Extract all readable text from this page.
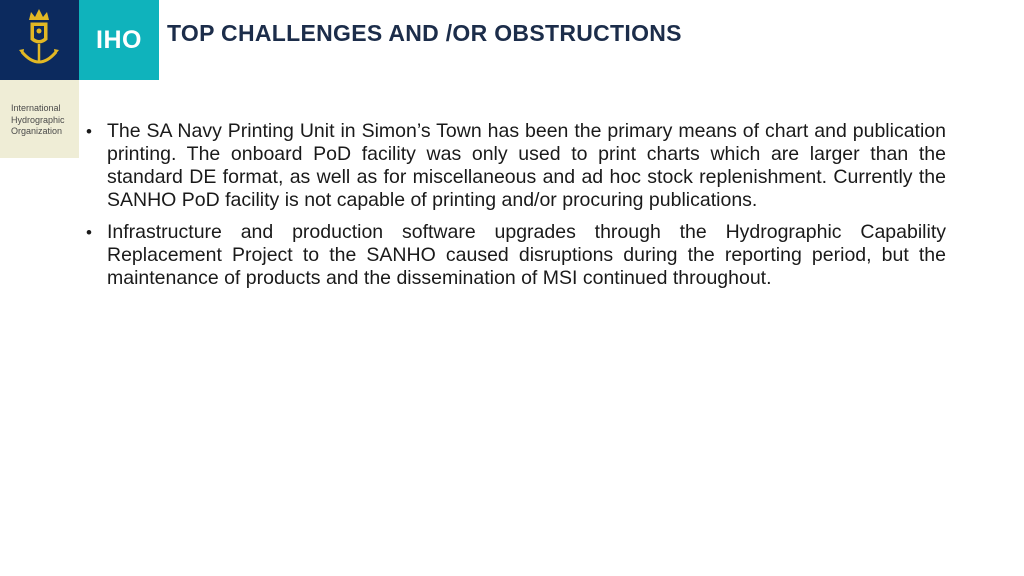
IHO
International
Hydrographic
Organization
TOP CHALLENGES AND /OR OBSTRUCTIONS
• The SA Navy Printing Unit in Simon’s Town has been the primary means of chart and publication printing. The onboard PoD facility was only used to print charts which are larger than the standard DE format, as well as for miscellaneous and ad hoc stock replenishment. Currently the SANHO PoD facility is not capable of printing and/or procuring publications.
• Infrastructure and production software upgrades through the Hydrographic Capability Replacement Project to the SANHO caused disruptions during the reporting period, but the maintenance of products and the dissemination of MSI continued throughout.
